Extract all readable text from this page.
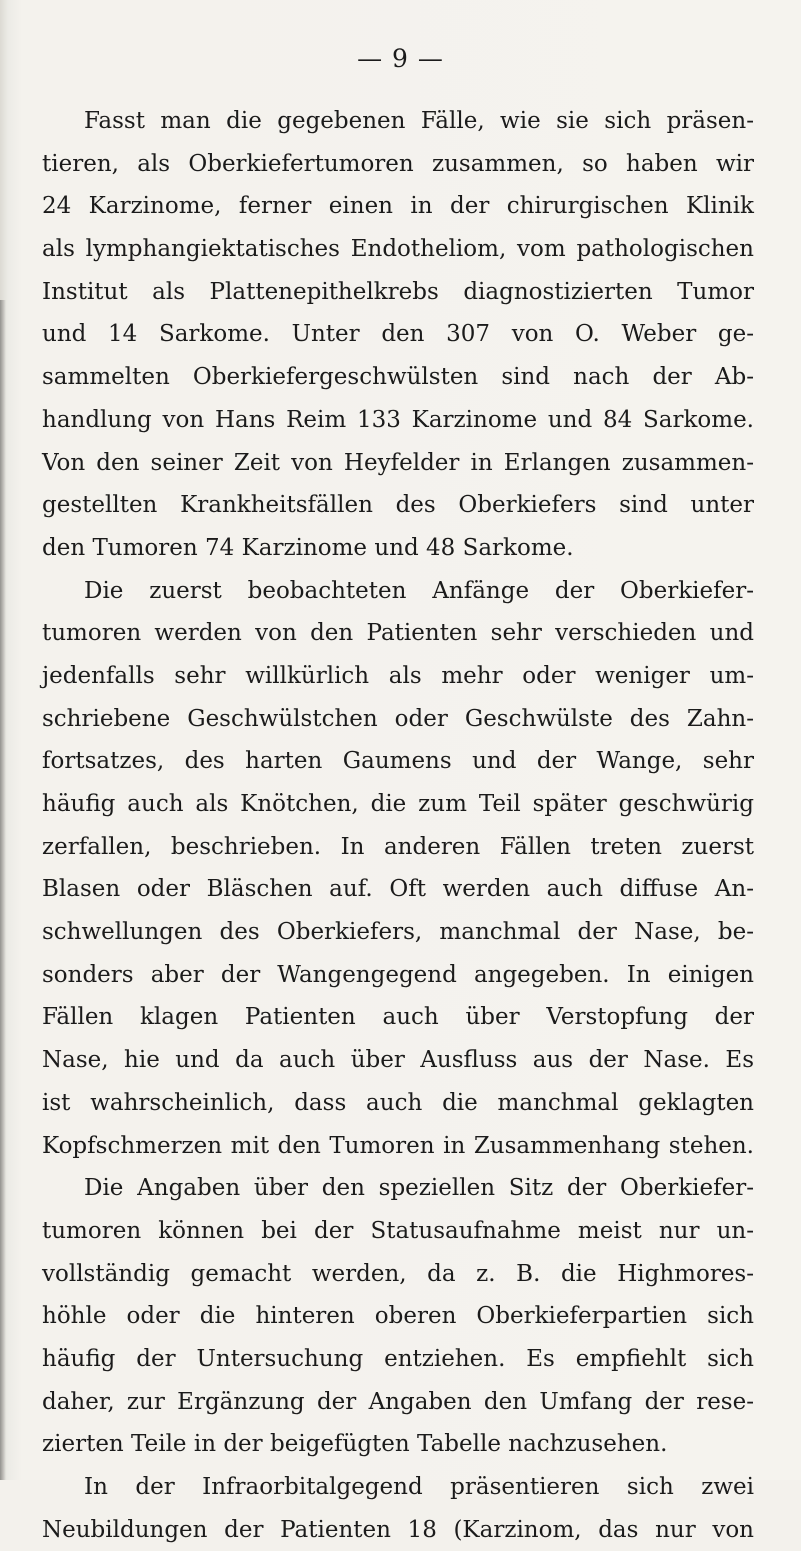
— 9 —
Fasst man die gegebenen Fälle, wie sie sich präsen-
tieren, als Oberkiefertumoren zusammen, so haben wir
24 Karzinome, ferner einen in der chirurgischen Klinik
als lymphangiektatisches Endotheliom, vom pathologischen
Institut als Plattenepithelkrebs diagnostizierten Tumor
und 14 Sarkome. Unter den 307 von O. Weber ge-
sammelten Oberkiefergeschwülsten sind nach der Ab-
handlung von Hans Reim 133 Karzinome und 84 Sarkome.
Von den seiner Zeit von Heyfelder in Erlangen zusammen-
gestellten Krankheitsfällen des Oberkiefers sind unter
den Tumoren 74 Karzinome und 48 Sarkome.
Die zuerst beobachteten Anfänge der Oberkiefer-
tumoren werden von den Patienten sehr verschieden und
jedenfalls sehr willkürlich als mehr oder weniger um-
schriebene Geschwülstchen oder Geschwülste des Zahn-
fortsatzes, des harten Gaumens und der Wange, sehr
häufig auch als Knötchen, die zum Teil später geschwürig
zerfallen, beschrieben. In anderen Fällen treten zuerst
Blasen oder Bläschen auf. Oft werden auch diffuse An-
schwellungen des Oberkiefers, manchmal der Nase, be-
sonders aber der Wangengegend angegeben. In einigen
Fällen klagen Patienten auch über Verstopfung der
Nase, hie und da auch über Ausfluss aus der Nase. Es
ist wahrscheinlich, dass auch die manchmal geklagten
Kopfschmerzen mit den Tumoren in Zusammenhang stehen.
Die Angaben über den speziellen Sitz der Oberkiefer-
tumoren können bei der Statusaufnahme meist nur un-
vollständig gemacht werden, da z. B. die Highmores-
höhle oder die hinteren oberen Oberkieferpartien sich
häufig der Untersuchung entziehen. Es empfiehlt sich
daher, zur Ergänzung der Angaben den Umfang der rese-
zierten Teile in der beigefügten Tabelle nachzusehen.
In der Infraorbitalgegend präsentieren sich zwei
Neubildungen der Patienten 18 (Karzinom, das nur von
